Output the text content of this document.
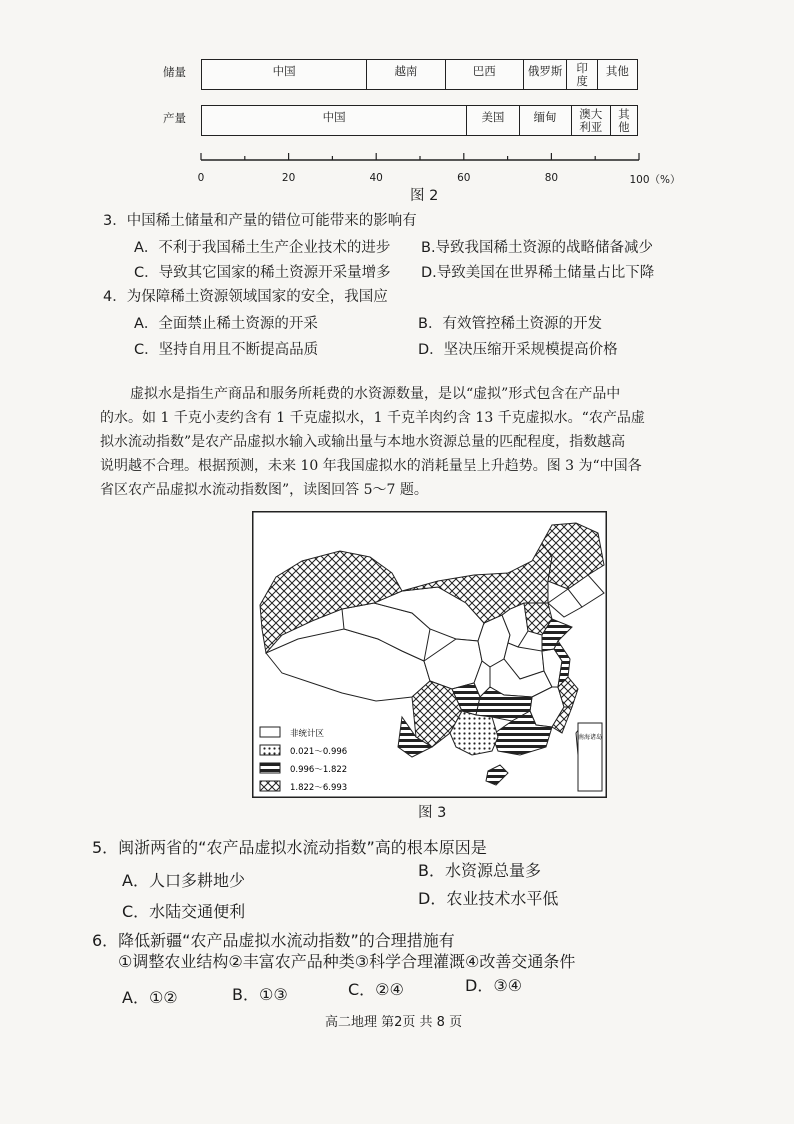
储量
产量
中国	越南	巴西	俄罗斯	印
度
其他
中国	美国	缅甸	澳大
利亚
其
他
0	20	40	60	80	100（%）
图 2
3．中国稀土储量和产量的错位可能带来的影响有
A．不利于我国稀土生产企业技术的进步 B.导致我国稀土资源的战略储备减少
C．导致其它国家的稀土资源开采量增多 D.导致美国在世界稀土储量占比下降
4．为保障稀土资源领域国家的安全，我国应
A．全面禁止稀土资源的开采	B．有效管控稀土资源的开发
C．坚持自用且不断提高品质	D．坚决压缩开采规模提高价格
虚拟水是指生产商品和服务所耗费的水资源数量，是以“虚拟”形式包含在产品中
的水。如 1 千克小麦约含有 1 千克虚拟水，1 千克羊肉约含 13 千克虚拟水。“农产品虚
拟水流动指数”是农产品虚拟水输入或输出量与本地水资源总量的匹配程度，指数越高
说明越不合理。根据预测，未来 10 年我国虚拟水的消耗量呈上升趋势。图 3 为“中国各
省区农产品虚拟水流动指数图”，读图回答 5～7 题。
南海诸岛
非统计区
0.021～0.996
0.996～1.822
1.822～6.993
图 3
5．闽浙两省的“农产品虚拟水流动指数”高的根本原因是
B．水资源总量多
A．人口多耕地少
D．农业技术水平低
C．水陆交通便利
6．降低新疆“农产品虚拟水流动指数”的合理措施有
①调整农业结构②丰富农产品种类③科学合理灌溉④改善交通条件
A．①②	B．①③	C．②④	D．③④
高二地理 第2页 共 8 页
